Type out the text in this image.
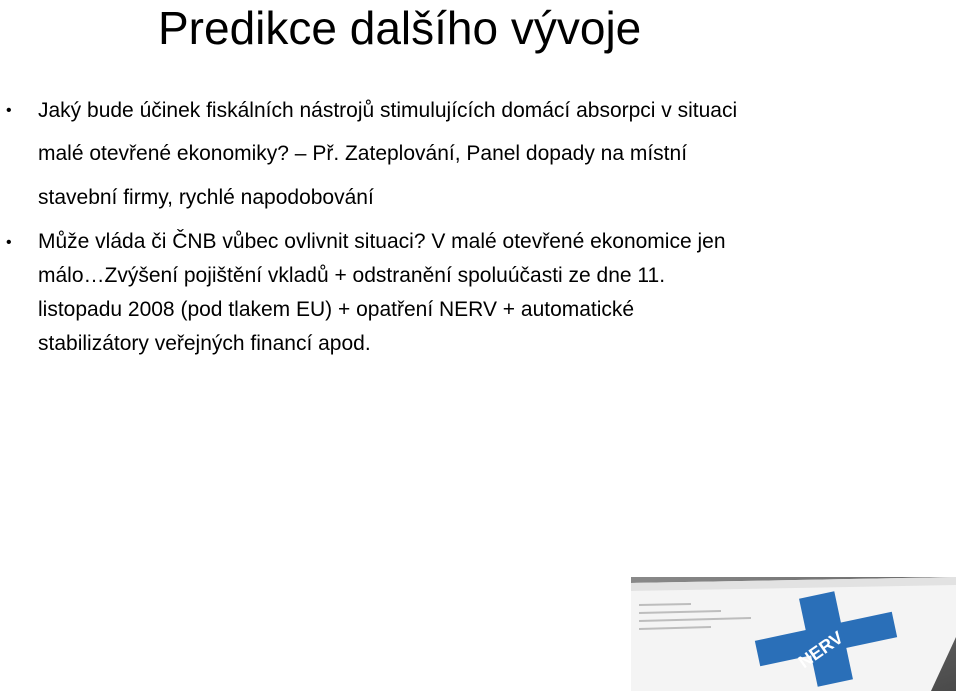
Predikce dalšího vývoje
• Jaký bude účinek fiskálních nástrojů stimulujících domácí absorpci v situaci
malé otevřené ekonomiky? – Př. Zateplování, Panel dopady na místní
stavební firmy, rychlé napodobování
• Může vláda či ČNB vůbec ovlivnit situaci? V malé otevřené ekonomice jen
málo…Zvýšení pojištění vkladů + odstranění spoluúčasti ze dne 11.
listopadu 2008 (pod tlakem EU) + opatření NERV + automatické
stabilizátory veřejných financí apod.
NERV
